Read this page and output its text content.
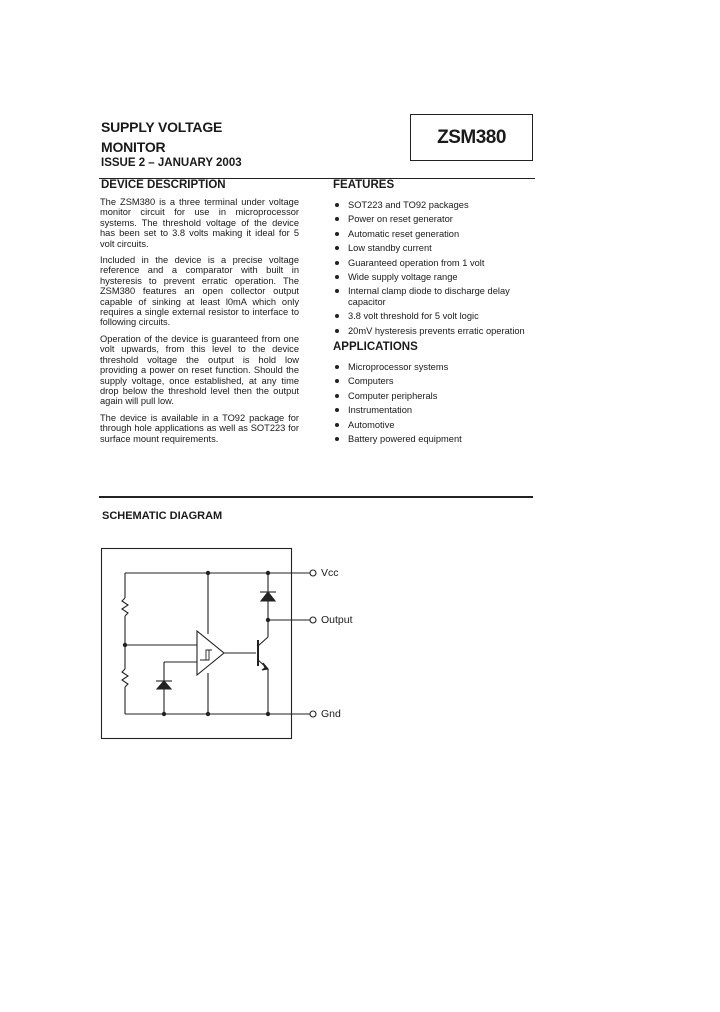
SUPPLY VOLTAGE
MONITOR
ISSUE 2 – JANUARY 2003
ZSM380
DEVICE DESCRIPTION

The ZSM380 is a three terminal under voltage monitor circuit for use in microprocessor systems. The threshold voltage of the device has been set to 3.8 volts making it ideal for 5 volt circuits.

Included in the device is a precise voltage reference and a comparator with built in hysteresis to prevent erratic operation. The ZSM380 features an open collector output capable of sinking at least l0mA which only requires a single external resistor to interface to following circuits.

Operation of the device is guaranteed from one volt upwards, from this level to the device threshold voltage the output is hold low providing a power on reset function. Should the supply voltage, once established, at any time drop below the threshold level then the output again will pull low.

The device is available in a TO92 package for through hole applications as well as SOT223 for surface mount requirements.

FEATURES
SOT223 and TO92 packages
Power on reset generator
Automatic reset generation
Low standby current
Guaranteed operation from 1 volt
Wide supply voltage range
Internal clamp diode to discharge delay capacitor
3.8 volt threshold for 5 volt logic
20mV hysteresis prevents erratic operation
APPLICATIONS
Microprocessor systems
Computers
Computer peripherals
Instrumentation
Automotive
Battery powered equipment
SCHEMATIC DIAGRAM
Vcc
Output
Gnd
